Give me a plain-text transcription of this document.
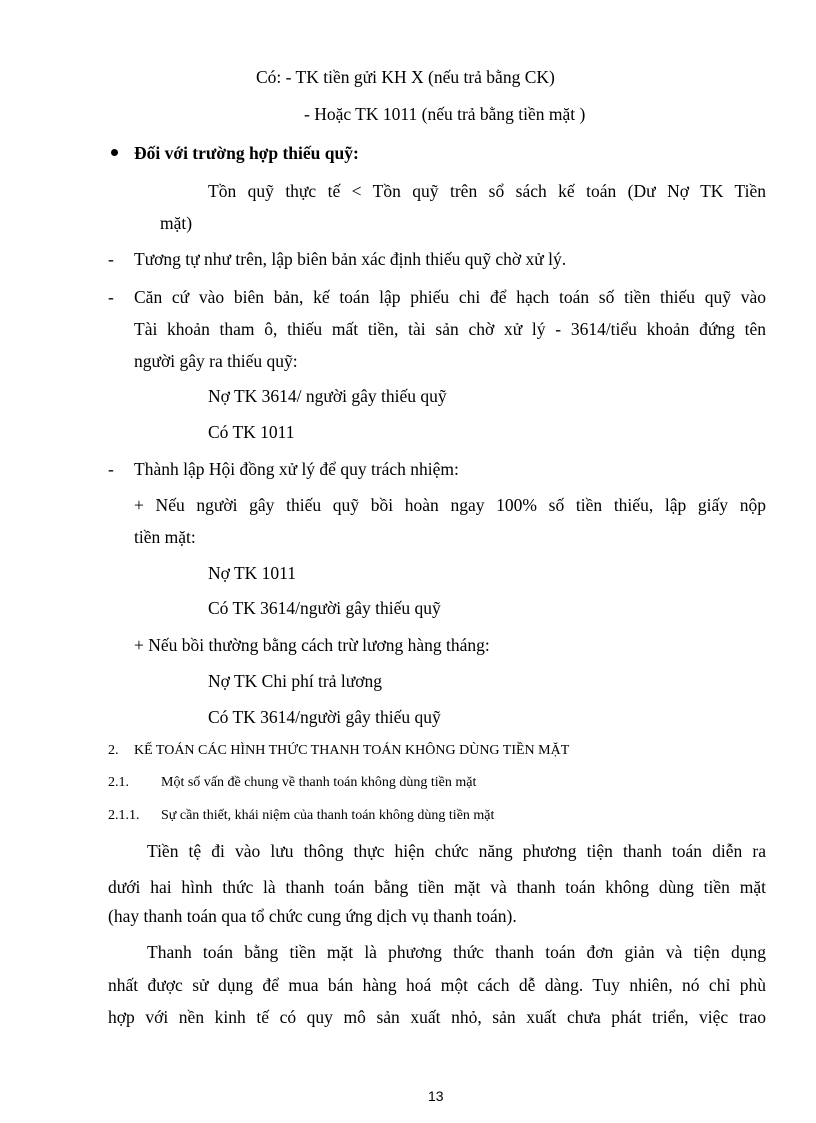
Có: - TK tiền gửi KH X (nếu trả bằng CK)
- Hoặc TK 1011 (nếu trả bằng tiền mặt )
Đối với trường hợp thiếu quỹ:
Tồn quỹ thực tế < Tồn quỹ trên sổ sách kế toán (Dư Nợ TK Tiền
mặt)
- Tương tự như trên, lập biên bản xác định thiếu quỹ chờ xử lý.
- Căn cứ vào biên bản, kế toán lập phiếu chi để hạch toán số tiền thiếu quỹ vào
Tài khoản tham ô, thiếu mất tiền, tài sản chờ xử lý - 3614/tiểu khoản đứng tên
người gây ra thiếu quỹ:
Nợ TK 3614/ người gây thiếu quỹ
Có TK 1011
- Thành lập Hội đồng xử lý để quy trách nhiệm:
+ Nếu người gây thiếu quỹ bồi hoàn ngay 100% số tiền thiếu, lập giấy nộp
tiền mặt:
Nợ TK 1011
Có TK 3614/người gây thiếu quỹ
+ Nếu bồi thường bằng cách trừ lương hàng tháng:
Nợ TK Chi phí trả lương
Có TK 3614/người gây thiếu quỹ
2. KẾ TOÁN CÁC HÌNH THỨC THANH TOÁN KHÔNG DÙNG TIỀN MẶT
2.1. Một số vấn đề chung về thanh toán không dùng tiền mặt
2.1.1. Sự cần thiết, khái niệm của thanh toán không dùng tiền mặt
Tiền tệ đi vào lưu thông thực hiện chức năng phương tiện thanh toán diễn ra
dưới hai hình thức là thanh toán bằng tiền mặt và thanh toán không dùng tiền mặt
(hay thanh toán qua tổ chức cung ứng dịch vụ thanh toán).
Thanh toán bằng tiền mặt là phương thức thanh toán đơn giản và tiện dụng
nhất được sử dụng để mua bán hàng hoá một cách dễ dàng. Tuy nhiên, nó chỉ phù
hợp với nền kinh tế có quy mô sản xuất nhỏ, sản xuất chưa phát triển, việc trao
13
